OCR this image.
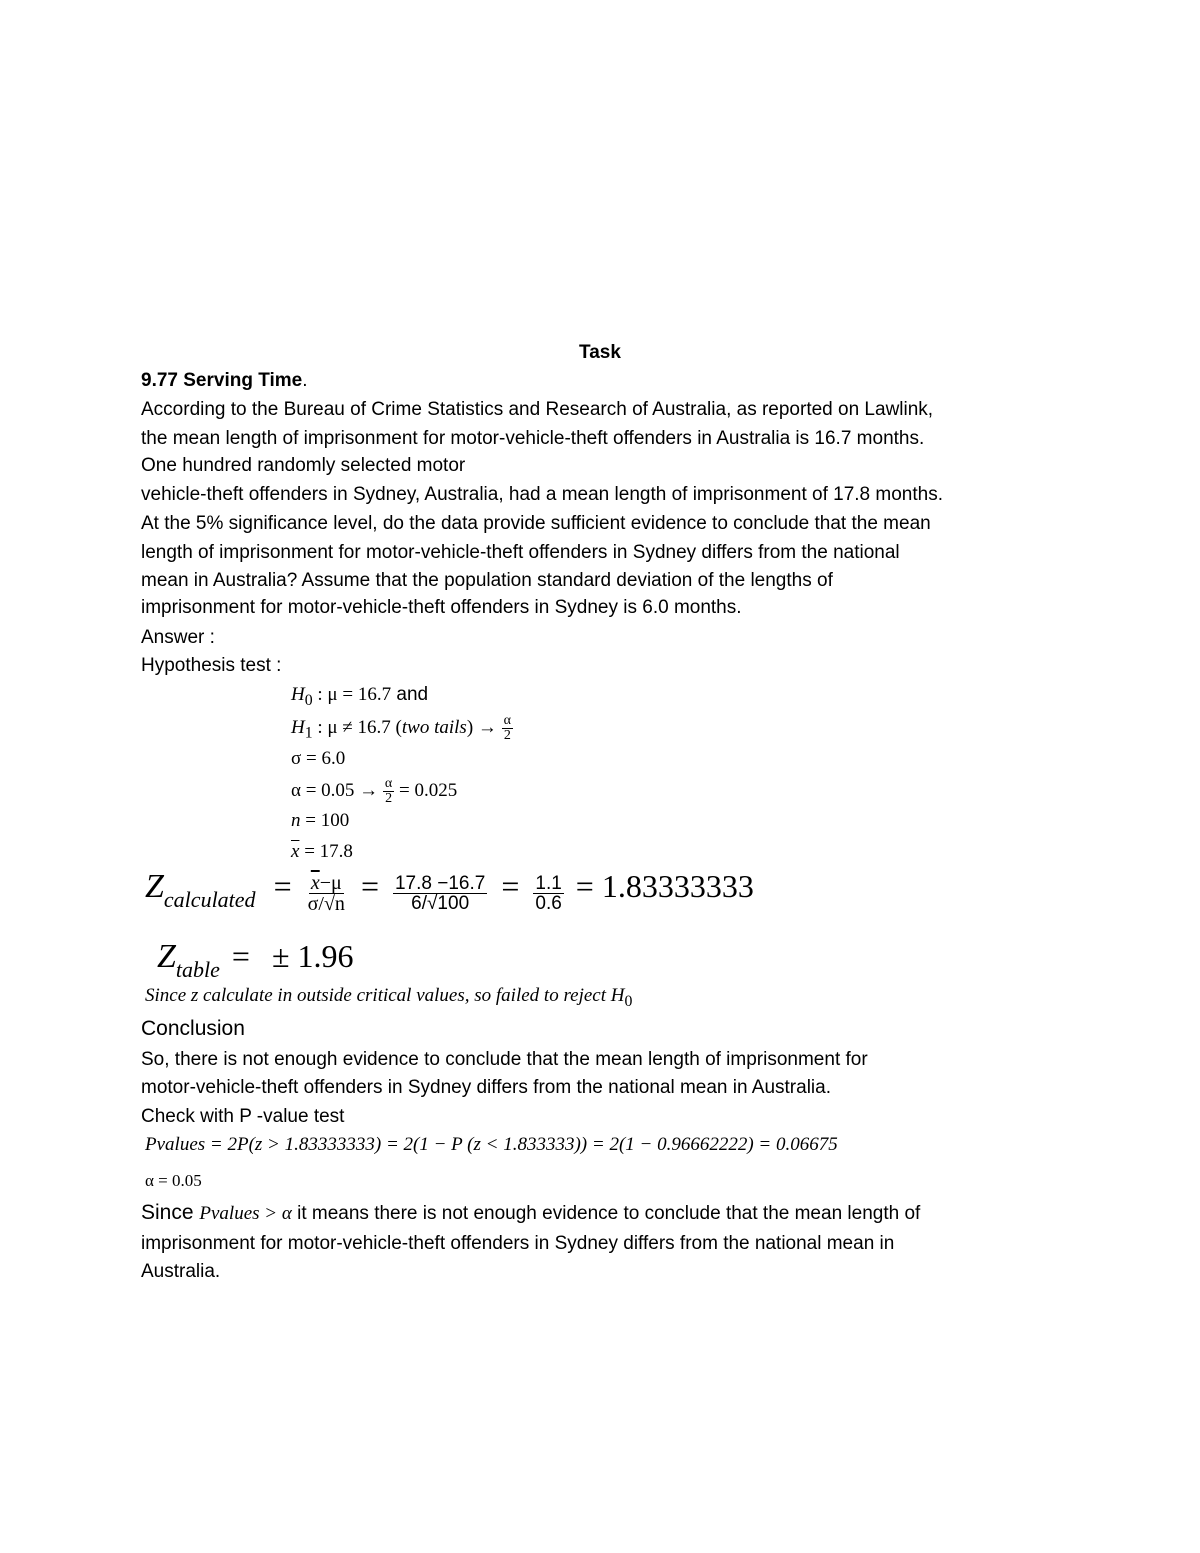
Task
9.77 Serving Time.
According to the Bureau of Crime Statistics and Research of Australia, as reported on Lawlink,
the mean length of imprisonment for motor-vehicle-theft offenders in Australia is 16.7 months.
One hundred randomly selected motor
vehicle-theft offenders in Sydney, Australia, had a mean length of imprisonment of 17.8 months.
At the 5% significance level, do the data provide sufficient evidence to conclude that the mean
length of imprisonment for motor-vehicle-theft offenders in Sydney differs from the national
mean in Australia? Assume that the population standard deviation of the lengths of
imprisonment for motor-vehicle-theft offenders in Sydney is 6.0 months.
Answer :
Hypothesis test :
$H_0$ : μ = 16.7 and
$H_1$ : μ ≠ 16.7 (two tails) → $\frac{\alpha}{2}$
σ = 6.0
$\alpha = 0.05 \to \frac{\alpha}{2} = 0.025$
n = 100
$\overline{x} = 17.8$
Zcalculated = $\frac{\overline{x}-\mu}{\sigma/√n} = \frac{17.8 -16.7}{6/√100} = \frac{1.1}{0.6} = 1.83333333$
Ztable = ± 1.96
Since z calculate in outside critical values, so failed to reject $H_0$
Conclusion
So, there is not enough evidence to conclude that the mean length of imprisonment for
motor-vehicle-theft offenders in Sydney differs from the national mean in Australia.
Check with P -value test
Pvalues = 2P(z > 1.83333333) = 2(1 − P (z < 1.833333)) = 2(1 − 0.96662222) = 0.06675
α = 0.05
Since Pvalues > α it means there is not enough evidence to conclude that the mean length of
imprisonment for motor-vehicle-theft offenders in Sydney differs from the national mean in
Australia.
